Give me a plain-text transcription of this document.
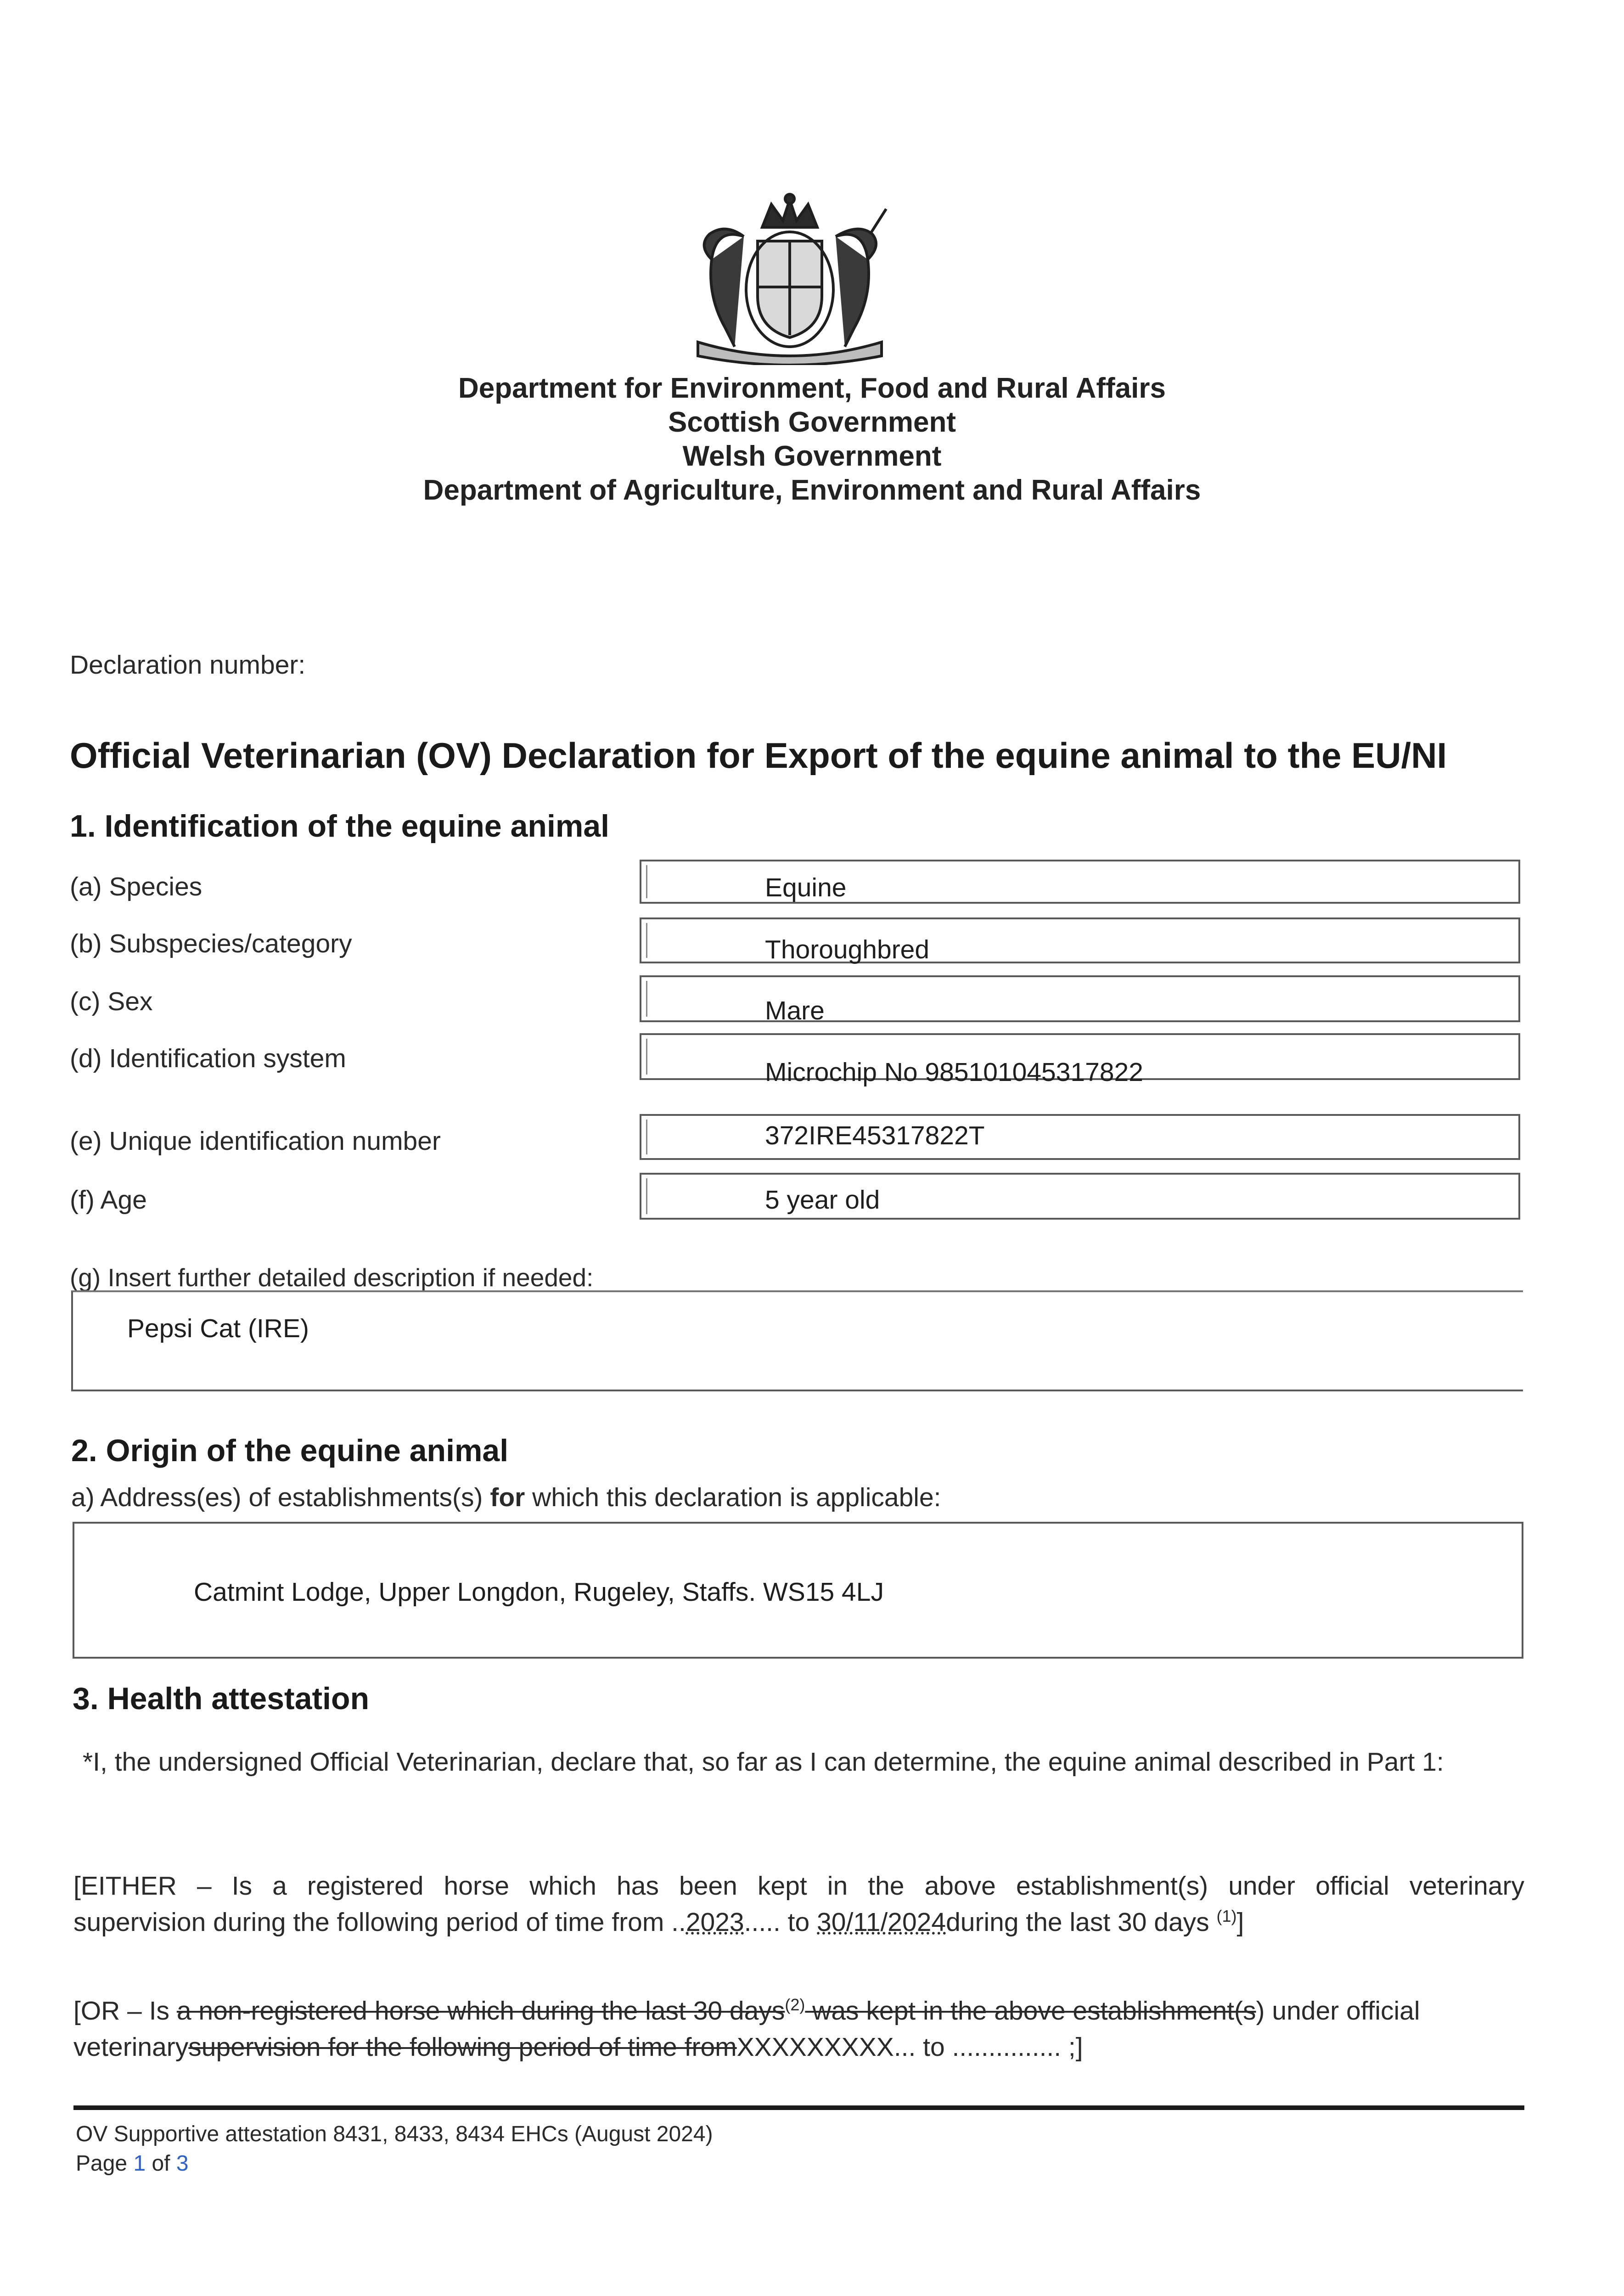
Department for Environment, Food and Rural Affairs
Scottish Government
Welsh Government
Department of Agriculture, Environment and Rural Affairs
Declaration number:
Official Veterinarian (OV) Declaration for Export of the equine animal to the EU/NI
1. Identification of the equine animal
(a) Species	Equine
(b) Subspecies/category	Thoroughbred
(c) Sex	Mare
(d) Identification system	Microchip No 985101045317822
(e) Unique identification number	372IRE45317822T
(f) Age	5 year old
(g) Insert further detailed description if needed:
Pepsi Cat (IRE)
2. Origin of the equine animal
a) Address(es) of establishments(s) for which this declaration is applicable:
Catmint Lodge, Upper Longdon, Rugeley, Staffs. WS15 4LJ
3. Health attestation
*I, the undersigned Official Veterinarian, declare that, so far as I can determine, the equine animal described in Part 1:
[EITHER – Is a registered horse which has been kept in the above establishment(s) under official veterinary
supervision during the following period of time from ..2023..... to 30/11/2024during the last 30 days $^{(1)}$]
[OR – Is a non-registered horse which during the last 30 days$^{(2)}$ was kept in the above establishment(s) under official
veterinarysupervision for the following period of time fromXXXXXXXXX... to ............... ;]
OV Supportive attestation 8431, 8433, 8434 EHCs (August 2024)
Page 1 of 3
